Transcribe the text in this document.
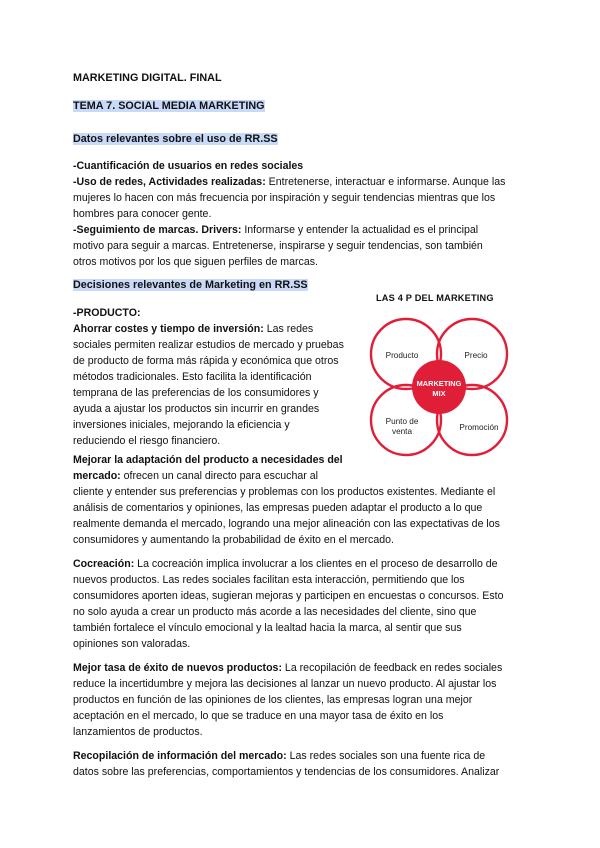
MARKETING DIGITAL. FINAL
TEMA 7. SOCIAL MEDIA MARKETING
Datos relevantes sobre el uso de RR.SS
-Cuantificación de usuarios en redes sociales
-Uso de redes, Actividades realizadas: Entretenerse, interactuar e informarse. Aunque las
mujeres lo hacen con más frecuencia por inspiración y seguir tendencias mientras que los
hombres para conocer gente.
-Seguimiento de marcas. Drivers: Informarse y entender la actualidad es el principal
motivo para seguir a marcas. Entretenerse, inspirarse y seguir tendencias, son también
otros motivos por los que siguen perfiles de marcas.
Decisiones relevantes de Marketing en RR.SS
-PRODUCTO:
Ahorrar costes y tiempo de inversión: Las redes
sociales permiten realizar estudios de mercado y pruebas
de producto de forma más rápida y económica que otros
métodos tradicionales. Esto facilita la identificación
temprana de las preferencias de los consumidores y
ayuda a ajustar los productos sin incurrir en grandes
inversiones iniciales, mejorando la eficiencia y
reduciendo el riesgo financiero.
Mejorar la adaptación del producto a necesidades del
mercado: ofrecen un canal directo para escuchar al
cliente y entender sus preferencias y problemas con los productos existentes. Mediante el
análisis de comentarios y opiniones, las empresas pueden adaptar el producto a lo que
realmente demanda el mercado, logrando una mejor alineación con las expectativas de los
consumidores y aumentando la probabilidad de éxito en el mercado.
Cocreación: La cocreación implica involucrar a los clientes en el proceso de desarrollo de
nuevos productos. Las redes sociales facilitan esta interacción, permitiendo que los
consumidores aporten ideas, sugieran mejoras y participen en encuestas o concursos. Esto
no solo ayuda a crear un producto más acorde a las necesidades del cliente, sino que
también fortalece el vínculo emocional y la lealtad hacia la marca, al sentir que sus
opiniones son valoradas.
Mejor tasa de éxito de nuevos productos: La recopilación de feedback en redes sociales
reduce la incertidumbre y mejora las decisiones al lanzar un nuevo producto. Al ajustar los
productos en función de las opiniones de los clientes, las empresas logran una mejor
aceptación en el mercado, lo que se traduce en una mayor tasa de éxito en los
lanzamientos de productos.
Recopilación de información del mercado: Las redes sociales son una fuente rica de
datos sobre las preferencias, comportamientos y tendencias de los consumidores. Analizar
LAS 4 P DEL MARKETING
Producto	Precio
Punto de
venta	Promoción
MARKETING
MIX
